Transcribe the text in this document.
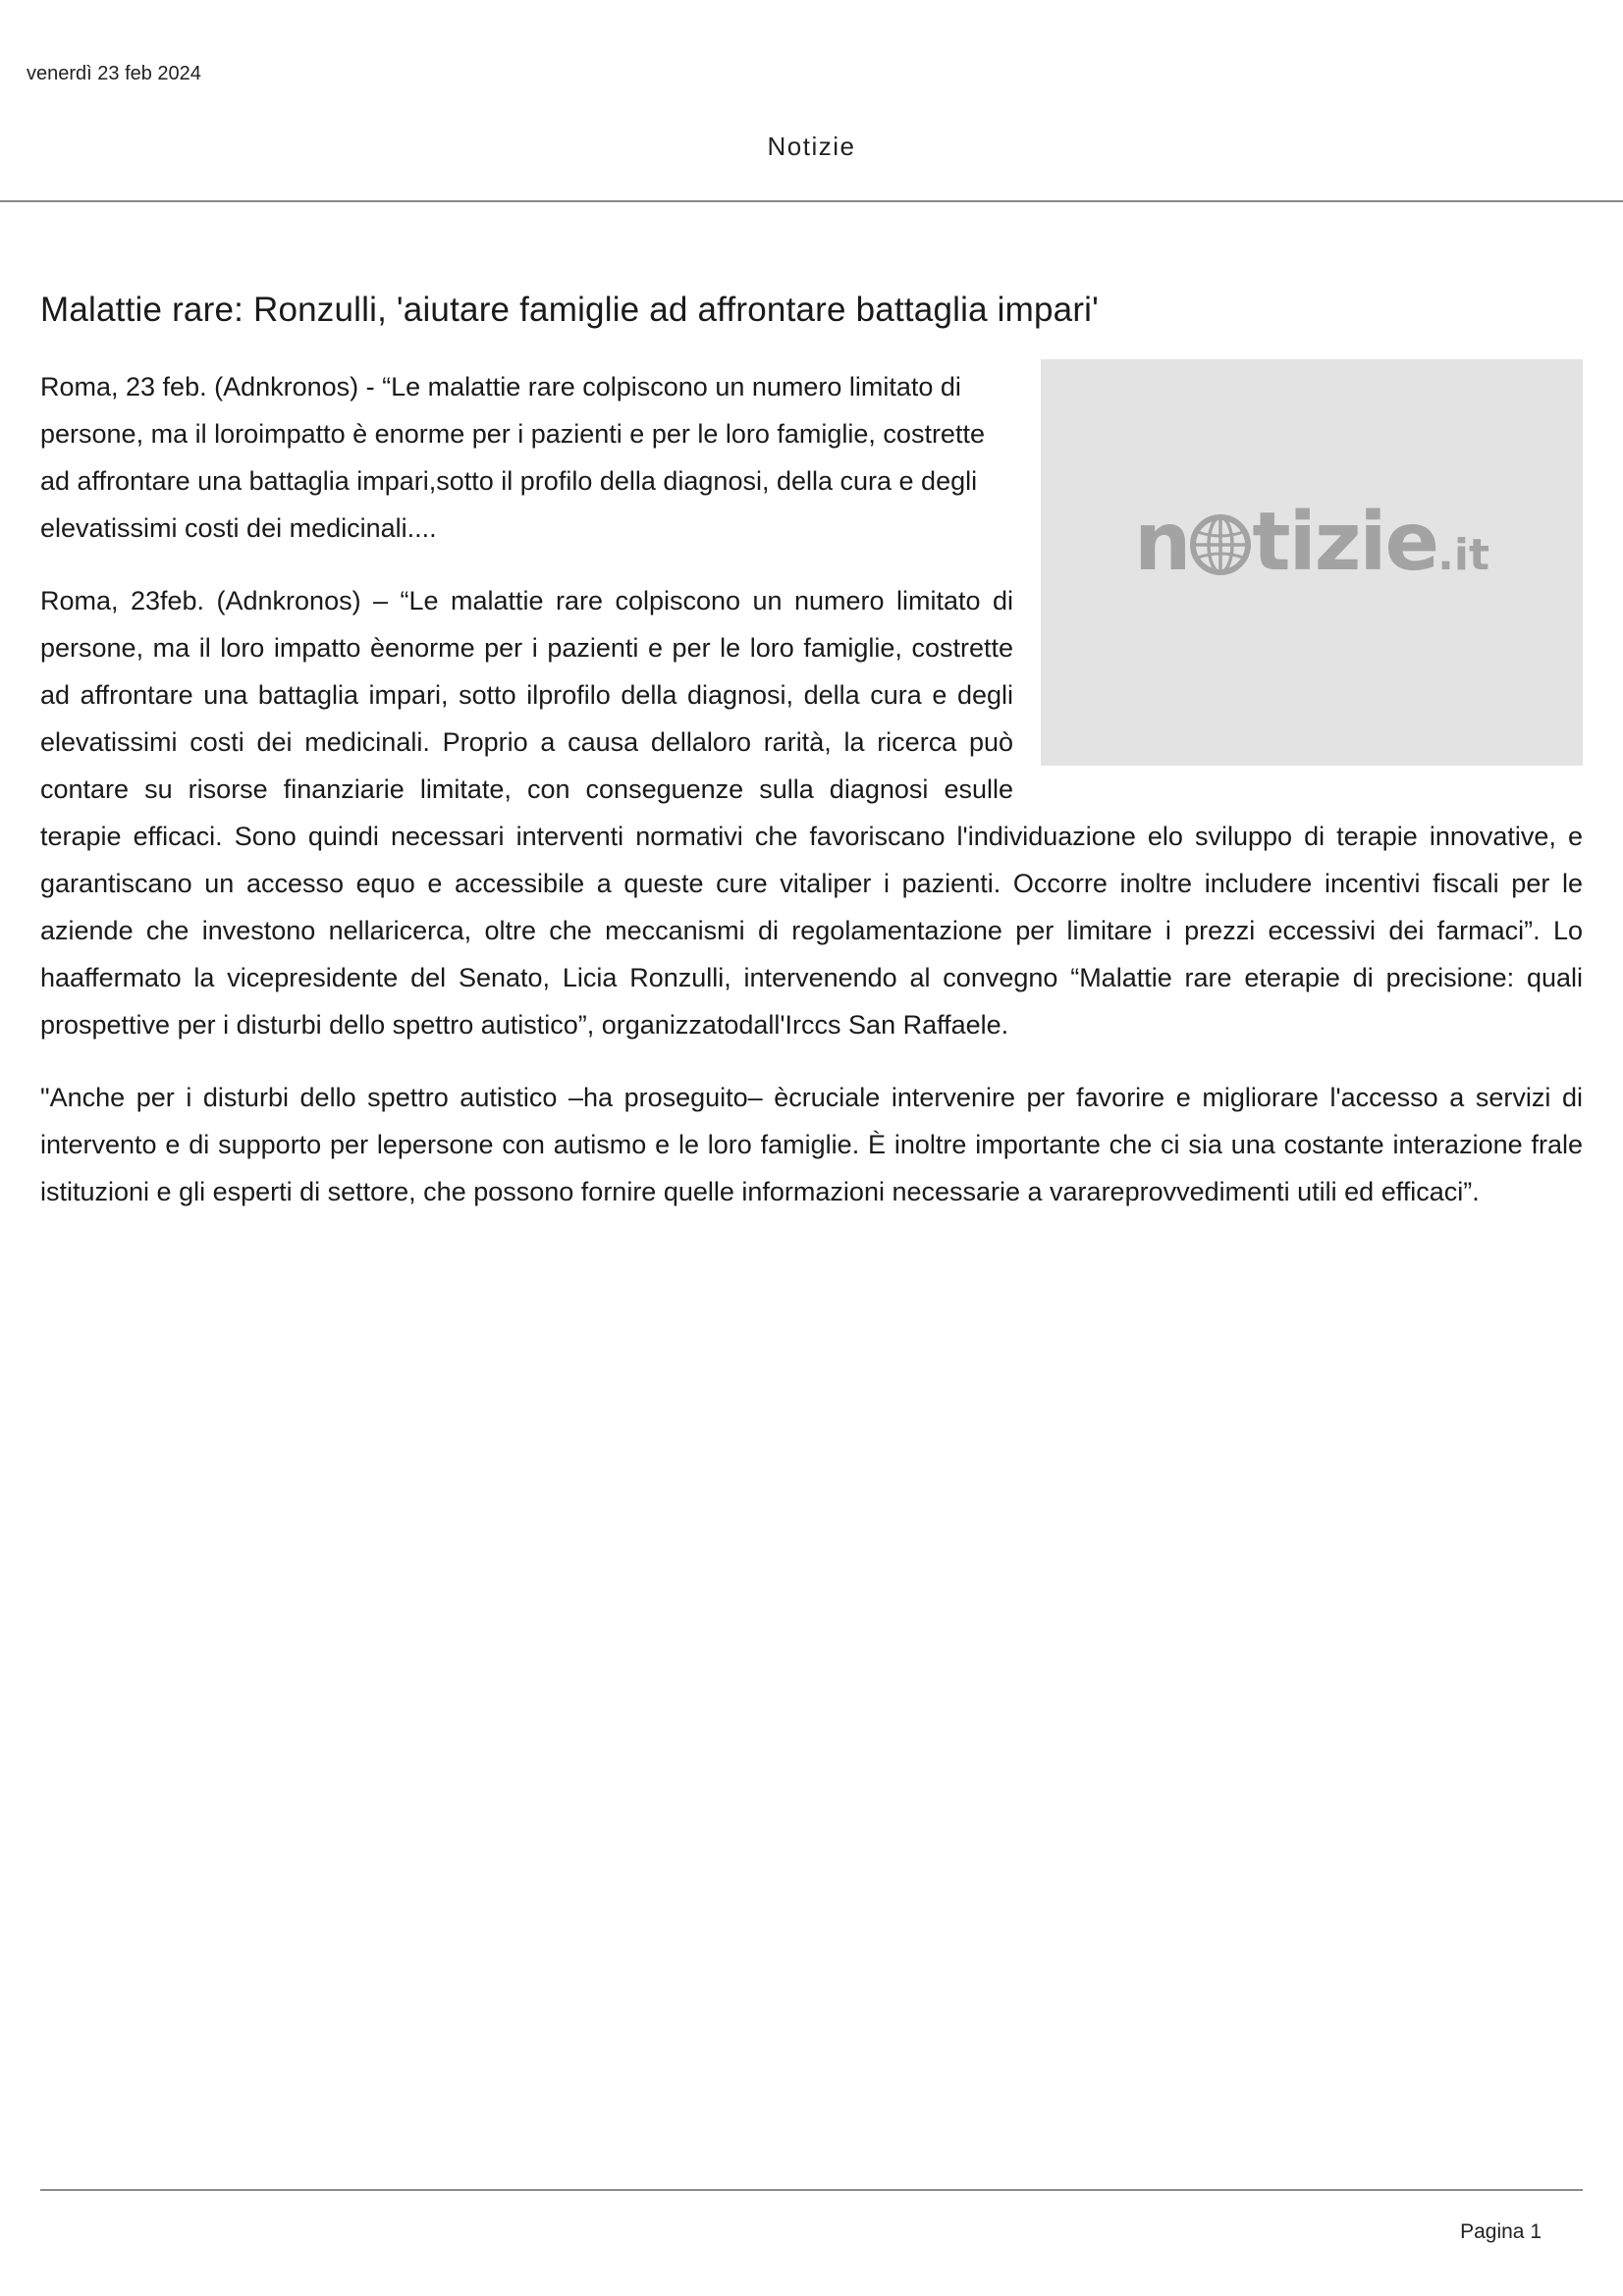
venerdì 23 feb 2024
Notizie
Malattie rare: Ronzulli, 'aiutare famiglie ad affrontare battaglia impari'
n tizie.it

Roma, 23 feb. (Adnkronos) - “Le malattie rare colpiscono un numero limitato di persone, ma il loroimpatto è enorme per i pazienti e per le loro famiglie, costrette ad affrontare una battaglia impari,sotto il profilo della diagnosi, della cura e degli elevatissimi costi dei medicinali....

Roma, 23feb. (Adnkronos) – “Le malattie rare colpiscono un numero limitato di persone, ma il loro impatto èenorme per i pazienti e per le loro famiglie, costrette ad affrontare una battaglia impari, sotto ilprofilo della diagnosi, della cura e degli elevatissimi costi dei medicinali. Proprio a causa dellaloro rarità, la ricerca può contare su risorse finanziarie limitate, con conseguenze sulla diagnosi esulle terapie efficaci. Sono quindi necessari interventi normativi che favoriscano l'individuazione elo sviluppo di terapie innovative, e garantiscano un accesso equo e accessibile a queste cure vitaliper i pazienti. Occorre inoltre includere incentivi fiscali per le aziende che investono nellaricerca, oltre che meccanismi di regolamentazione per limitare i prezzi eccessivi dei farmaci”. Lo haaffermato la vicepresidente del Senato, Licia Ronzulli, intervenendo al convegno “Malattie rare eterapie di precisione: quali prospettive per i disturbi dello spettro autistico”, organizzatodall'Irccs San Raffaele.

"Anche per i disturbi dello spettro autistico –ha proseguito– ècruciale intervenire per favorire e migliorare l'accesso a servizi di intervento e di supporto per lepersone con autismo e le loro famiglie. È inoltre importante che ci sia una costante interazione frale istituzioni e gli esperti di settore, che possono fornire quelle informazioni necessarie a varareprovvedimenti utili ed efficaci”.

Pagina 1
